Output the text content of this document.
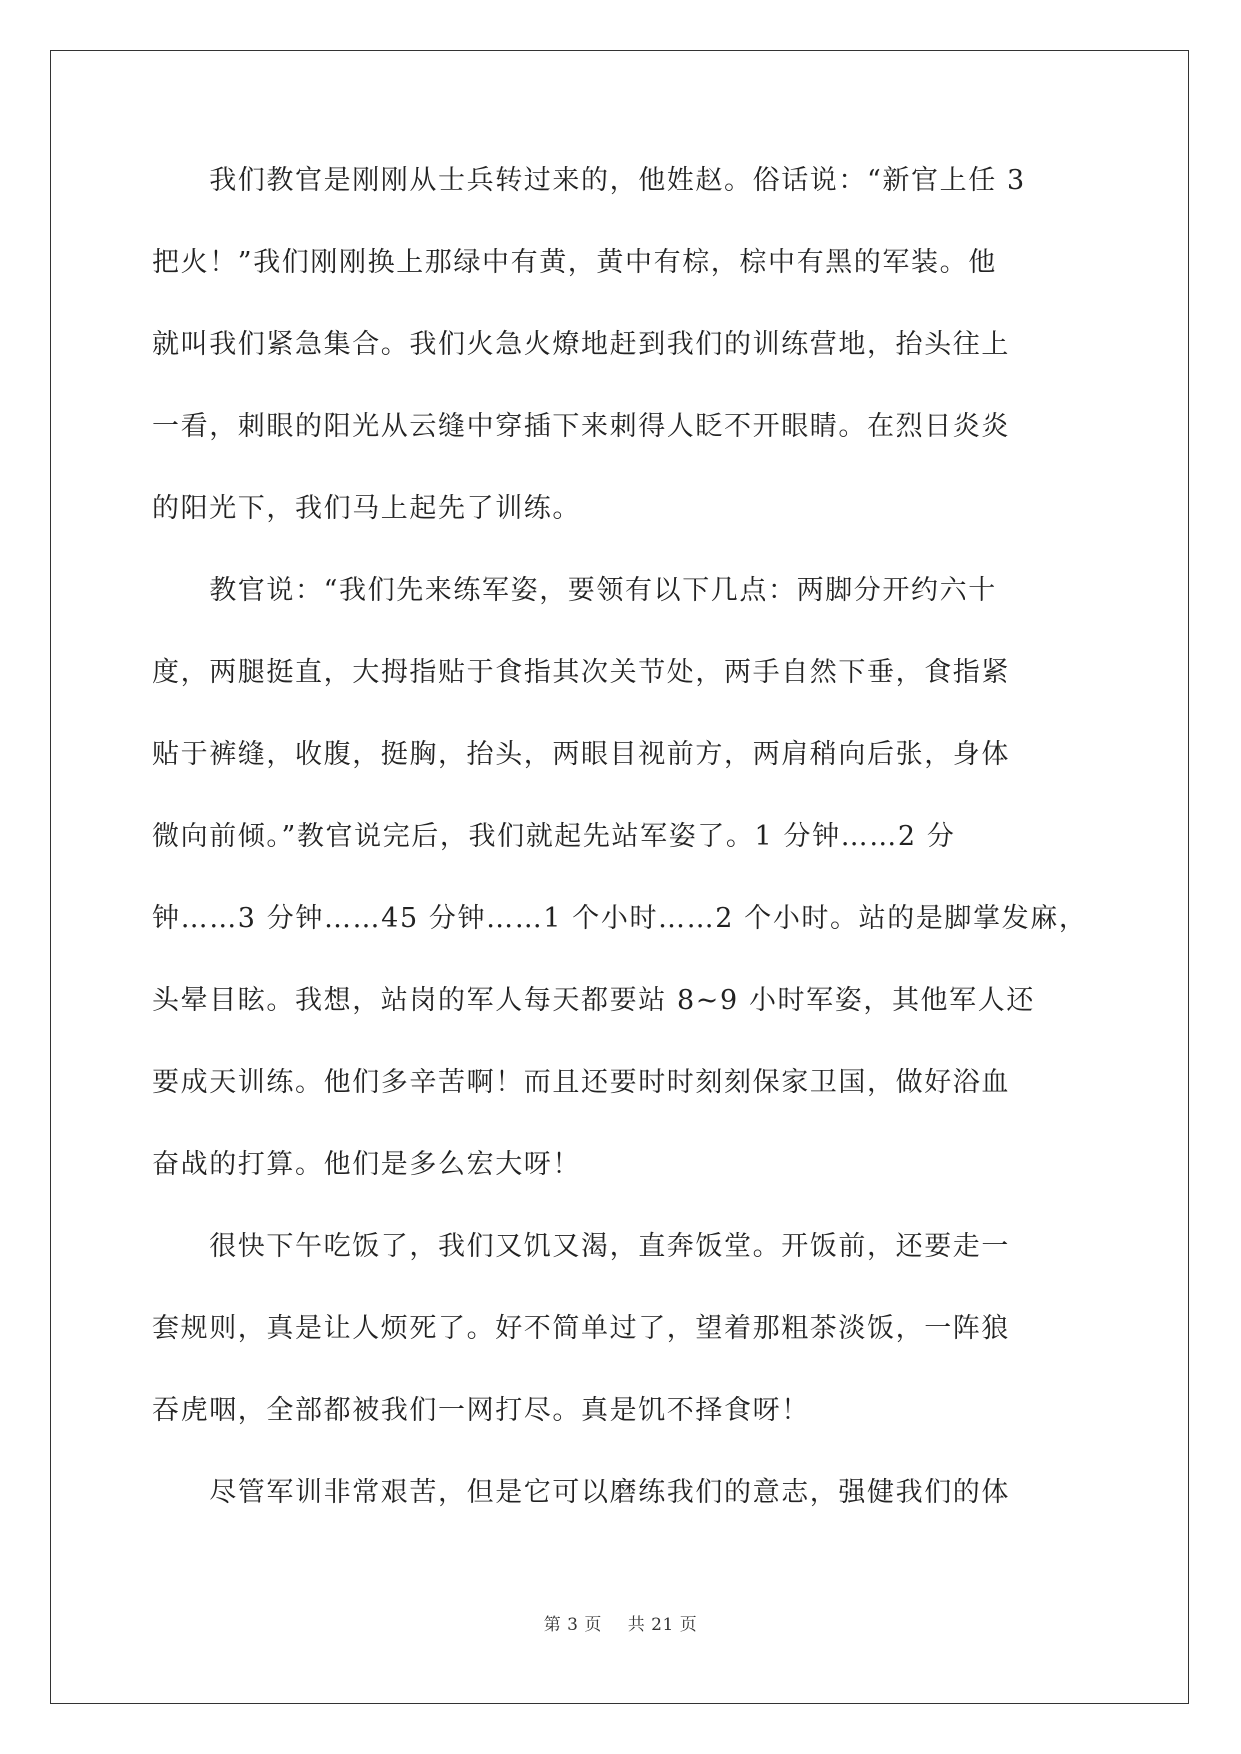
　　我们教官是刚刚从士兵转过来的，他姓赵。俗话说：“新官上任 3
把火！”我们刚刚换上那绿中有黄，黄中有棕，棕中有黑的军装。他
就叫我们紧急集合。我们火急火燎地赶到我们的训练营地，抬头往上
一看，刺眼的阳光从云缝中穿插下来刺得人眨不开眼睛。在烈日炎炎
的阳光下，我们马上起先了训练。
　　教官说：“我们先来练军姿，要领有以下几点：两脚分开约六十
度，两腿挺直，大拇指贴于食指其次关节处，两手自然下垂，食指紧
贴于裤缝，收腹，挺胸，抬头，两眼目视前方，两肩稍向后张，身体
微向前倾。”教官说完后，我们就起先站军姿了。1 分钟……2 分
钟……3 分钟……45 分钟……1 个小时……2 个小时。站的是脚掌发麻，
头晕目眩。我想，站岗的军人每天都要站 8~9 小时军姿，其他军人还
要成天训练。他们多辛苦啊！而且还要时时刻刻保家卫国，做好浴血
奋战的打算。他们是多么宏大呀！
　　很快下午吃饭了，我们又饥又渴，直奔饭堂。开饭前，还要走一
套规则，真是让人烦死了。好不简单过了，望着那粗茶淡饭，一阵狼
吞虎咽，全部都被我们一网打尽。真是饥不择食呀！
　　尽管军训非常艰苦，但是它可以磨练我们的意志，强健我们的体
第 3 页 共 21 页
